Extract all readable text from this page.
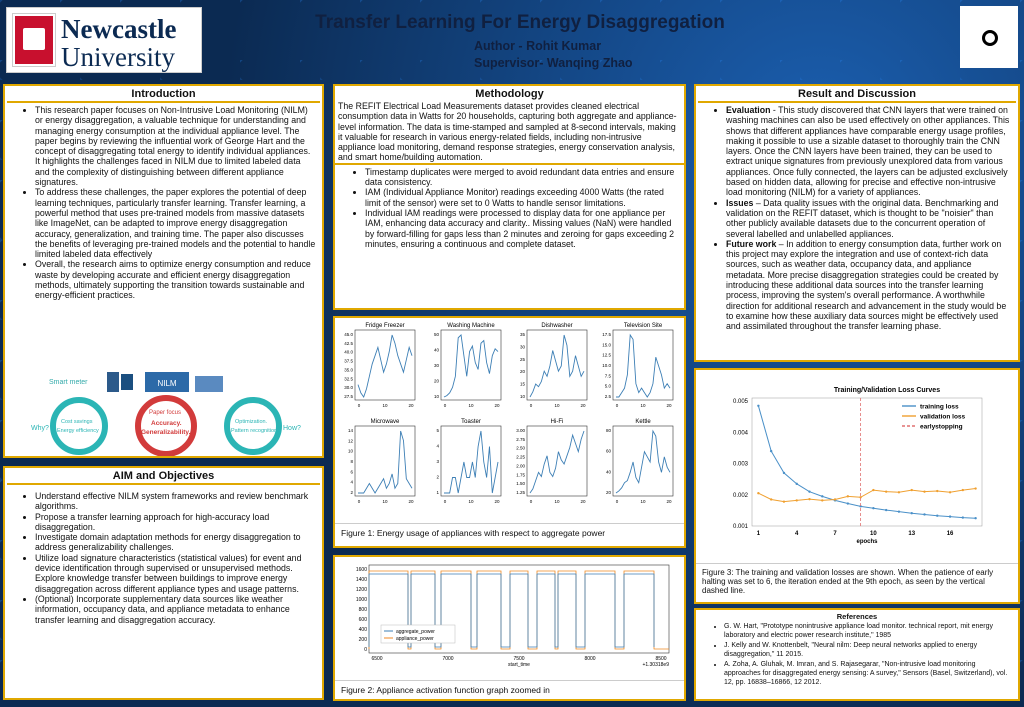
Newcastle
University
Transfer Learning For Energy Disaggregation
Author - Rohit Kumar
Supervisor- Wanqing Zhao
Introduction
• This research paper focuses on Non-Intrusive Load Monitoring (NILM) or energy disaggregation, a valuable technique for understanding and managing energy consumption at the individual appliance level. The paper begins by reviewing the influential work of George Hart and the concept of disaggregating total energy to identify individual appliances. It highlights the challenges faced in NILM due to limited labeled data and the complexity of distinguishing between different appliance signatures.
• To address these challenges, the paper explores the potential of deep learning techniques, particularly transfer learning. Transfer learning, a powerful method that uses pre-trained models from massive datasets like ImageNet, can be adapted to improve energy disaggregation accuracy, generalization, and training time. The paper also discusses the benefits of leveraging pre-trained models and the potential to handle limited labeled data effectively
• Overall, the research aims to optimize energy consumption and reduce waste by developing accurate and efficient energy disaggregation methods, ultimately supporting the transition towards sustainable and energy-efficient practices.
Smart meter	NILM
Why?	How?
Cost savings
Energy efficiency
Paper focus
Accuracy.
Generalizability.
Optimization.
Pattern recognition
AIM and Objectives
• Understand effective NILM system frameworks and review benchmark algorithms.
• Propose a transfer learning approach for high-accuracy load disaggregation.
• Investigate domain adaptation methods for energy disaggregation to address generalizability challenges.
• Utilize load signature characteristics (statistical values) for event and device identification through supervised or unsupervised methods. Explore knowledge transfer between buildings to improve energy disaggregation across different appliance types and usage patterns.
• (Optional) Incorporate supplementary data sources like weather information, occupancy data, and appliance metadata to enhance transfer learning and disaggregation accuracy.
Methodology
The REFIT Electrical Load Measurements dataset provides cleaned electrical consumption data in Watts for 20 households, capturing both aggregate and appliance-level information. The data is time-stamped and sampled at 8-second intervals, making it valuable for research in various energy-related fields, including non-intrusive appliance load monitoring, demand response strategies, energy conservation analysis, and smart home/building automation.
• Timestamp duplicates were merged to avoid redundant data entries and ensure data consistency.
• IAM (Individual Appliance Monitor) readings exceeding 4000 Watts (the rated limit of the sensor) were set to 0 Watts to handle sensor limitations.
• Individual IAM readings were processed to display data for one appliance per IAM, enhancing data accuracy and clarity.. Missing values (NaN) were handled by forward-filling for gaps less than 2 minutes and zeroing for gaps exceeding 2 minutes, ensuring a continuous and complete dataset.
Fridge Freezer
45.0
42.5
40.0
37.5
35.0
32.5
30.0
27.5
0	10	20
Washing Machine
50
40
30
20
10
0	10	20
Dishwasher
35
30
25
20
15
10
0	10	20
Television Site
17.5
15.0
12.5
10.0
7.5
5.0
2.5
0	10	20
Microwave
14
12
10
8
6
4
2
0	10	20
Toaster
5
4
3
2
1
0	10	20
Hi-Fi
3.00
2.75
2.50
2.25
2.00
1.75
1.50
1.25
0	10	20
Kettle
80
60
40
20
0	10	20
Figure 1: Energy usage of appliances with respect to aggregate power
1600
1400
1200
1000
800
600
400
200
0
6500	7000	7500	8000	8500
start_time	+1.30318e9
aggregate_power
appliance_power
Figure 2: Appliance activation function graph zoomed in
Result and Discussion
• Evaluation - This study discovered that CNN layers that were trained on washing machines can also be used effectively on other appliances. This shows that different appliances have comparable energy usage profiles, making it possible to use a sizable dataset to thoroughly train the CNN layers. Once the CNN layers have been trained, they can be used to extract unique signatures from previously unexplored data from various appliances. Once fully connected, the layers can be adjusted exclusively based on hidden data, allowing for precise and effective non-intrusive load monitoring (NILM) for a variety of appliances.
• Issues – Data quality issues with the original data. Benchmarking and validation on the REFIT dataset, which is thought to be "noisier" than other publicly available datasets due to the concurrent operation of several labelled and unlabelled appliances.
• Future work – In addition to energy consumption data, further work on this project may explore the integration and use of context-rich data sources, such as weather data, occupancy data, and appliance metadata. More precise disaggregation strategies could be created by introducing these additional data sources into the transfer learning process, improving the system's overall performance. A worthwhile direction for additional research and advancement in the study would be to examine how these auxiliary data sources might be effectively used and assimilated throughout the transfer learning phase.
Training/Validation Loss Curves
0.005
0.004
0.003
0.002
0.001
1	4	7	10	13	16
epochs
training loss
validation loss
earlystopping
Figure 3: The training and validation losses are shown. When the patience of early halting was set to 6, the iteration ended at the 9th epoch, as seen by the vertical dashed line.
References
• G. W. Hart, "Prototype nonintrusive appliance load monitor. technical report, mit energy laboratory and electric power research institute," 1985
• J. Kelly and W. Knottenbelt, "Neural nilm: Deep neural networks applied to energy disaggregation," 11 2015.
• A. Zoha, A. Gluhak, M. Imran, and S. Rajasegarar, "Non-intrusive load monitoring approaches for disaggregated energy sensing: A survey," Sensors (Basel, Switzerland), vol. 12, pp. 16838–16866, 12 2012.
